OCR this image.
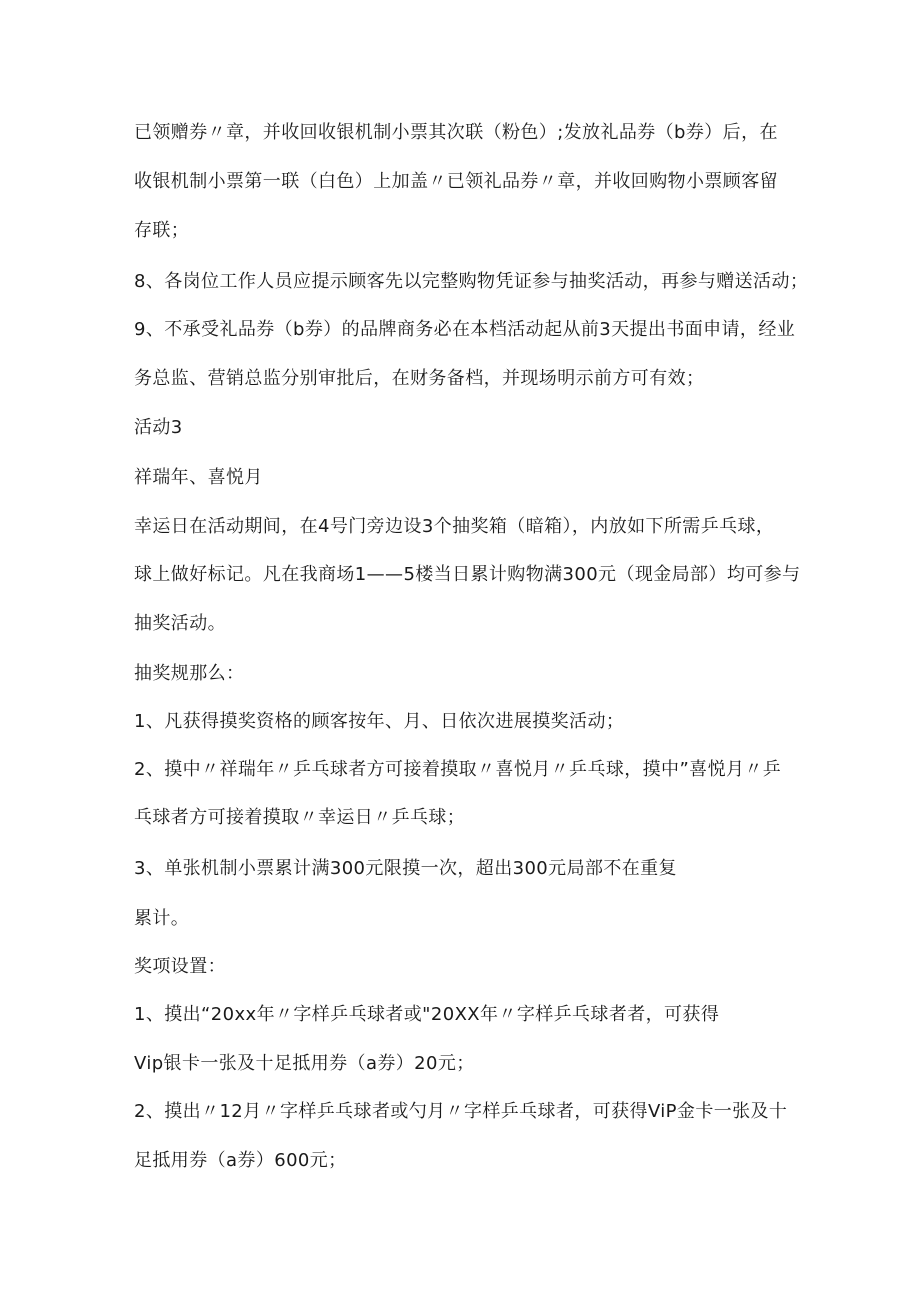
已领赠券〃章，并收回收银机制小票其次联（粉色）;发放礼品券（b券）后，在
收银机制小票第一联（白色）上加盖〃已领礼品券〃章，并收回购物小票顾客留
存联；
8、各岗位工作人员应提示顾客先以完整购物凭证参与抽奖活动，再参与赠送活动；
9、不承受礼品券（b券）的品牌商务必在本档活动起从前3天提出书面申请，经业
务总监、营销总监分别审批后，在财务备档，并现场明示前方可有效；
活动3
祥瑞年、喜悦月
幸运日在活动期间，在4号门旁边设3个抽奖箱（暗箱），内放如下所需乒乓球，
球上做好标记。凡在我商场1——5楼当日累计购物满300元（现金局部）均可参与
抽奖活动。
抽奖规那么：
1、凡获得摸奖资格的顾客按年、月、日依次进展摸奖活动；
2、摸中〃祥瑞年〃乒乓球者方可接着摸取〃喜悦月〃乒乓球，摸中”喜悦月〃乒
乓球者方可接着摸取〃幸运日〃乒乓球；
3、单张机制小票累计满300元限摸一次，超出300元局部不在重复
累计。
奖项设置：
1、摸出“20xx年〃字样乒乓球者或"20XX年〃字样乒乓球者者，可获得
Vip银卡一张及十足抵用券（a券）20元；
2、摸出〃12月〃字样乒乓球者或勺月〃字样乒乓球者，可获得ViP金卡一张及十
足抵用券（a券）600元；
